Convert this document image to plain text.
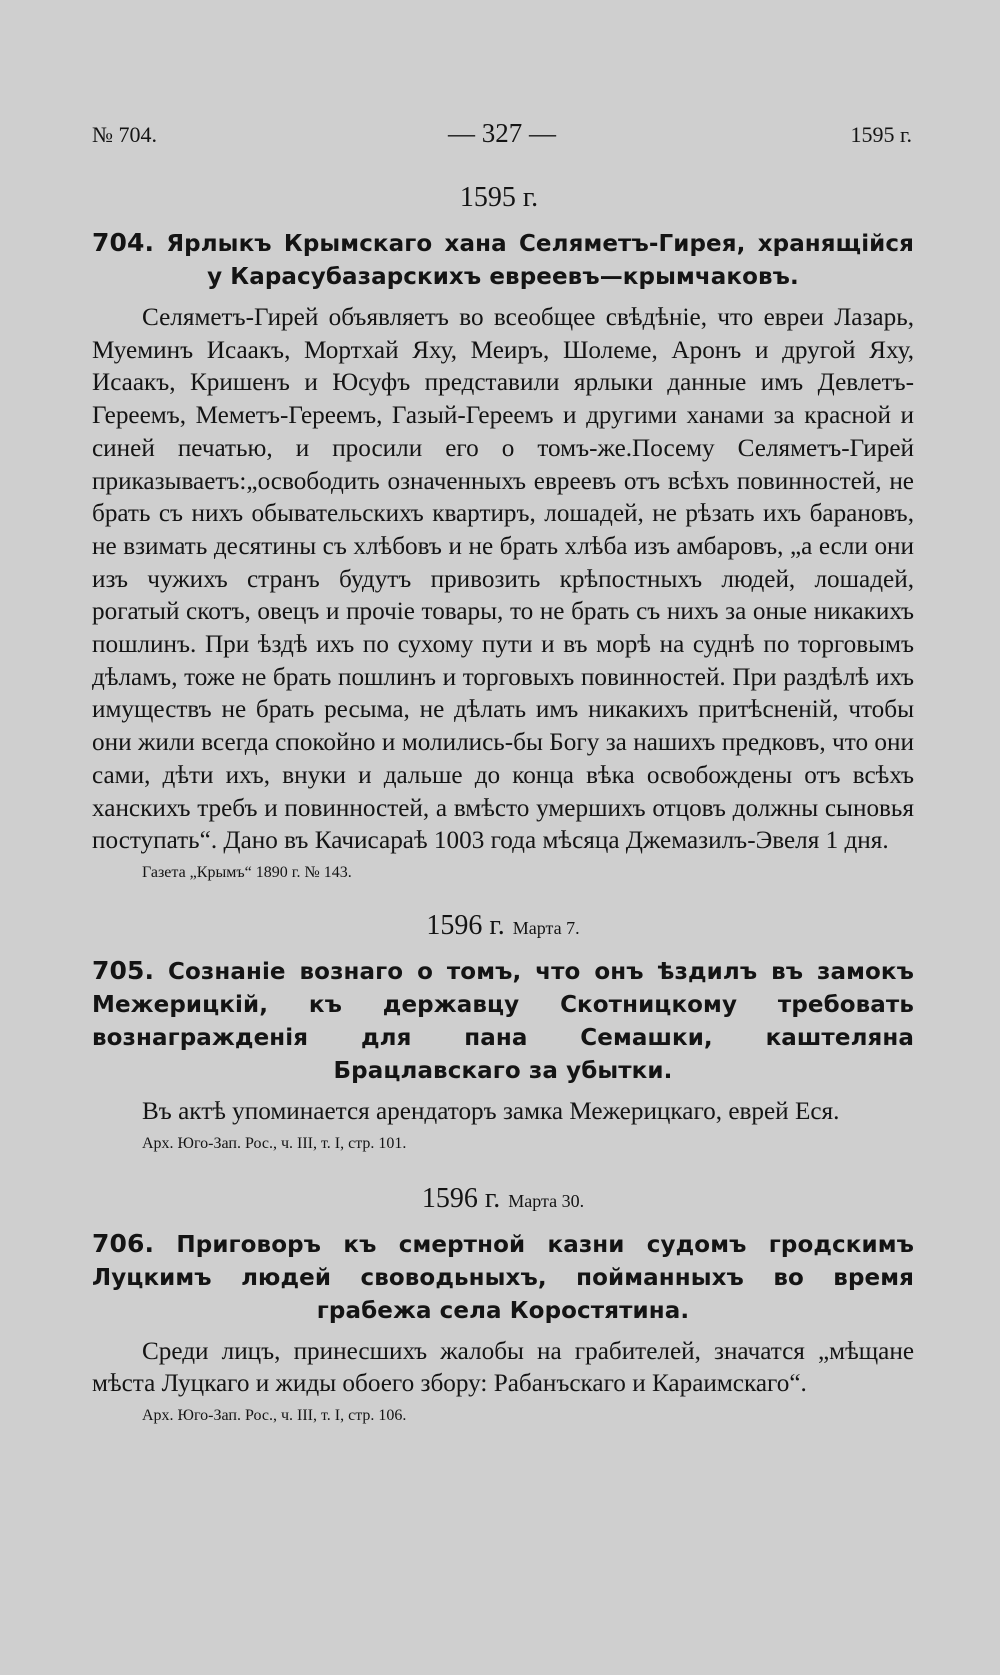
№ 704.	— 327 —	1595 г.
1595 г.
704. Ярлыкъ Крымскаго хана Селяметъ-Гирея, хранящійся у Карасубазарскихъ евреевъ—крымчаковъ.

Селяметъ-Гирей объявляетъ во всеобщее свѣдѣніе, что евреи Лазарь, Муеминъ Исаакъ, Мортхай Яху, Меиръ, Шолеме, Аронъ и другой Яху, Исаакъ, Кришенъ и Юсуфъ представили ярлыки данные имъ Девлетъ-Гереемъ, Меметъ-Гереемъ, Газый-Гереемъ и другими ханами за красной и синей печатью, и просили его о томъ-же.Посему Селяметъ-Гирей приказываетъ:„освободить означенныхъ евреевъ отъ всѣхъ повинностей, не брать съ нихъ обывательскихъ квартиръ, лошадей, не рѣзать ихъ барановъ, не взимать десятины съ хлѣбовъ и не брать хлѣба изъ амбаровъ, „а если они изъ чужихъ странъ будутъ привозить крѣпостныхъ людей, лошадей, рогатый скотъ, овецъ и прочіе товары, то не брать съ нихъ за оные никакихъ пошлинъ. При ѣздѣ ихъ по сухому пути и въ морѣ на суднѣ по торговымъ дѣламъ, тоже не брать пошлинъ и торговыхъ повинностей. При раздѣлѣ ихъ имуществъ не брать ресыма, не дѣлать имъ никакихъ притѣсненій, чтобы они жили всегда спокойно и молились-бы Богу за нашихъ предковъ, что они сами, дѣти ихъ, внуки и дальше до конца вѣка освобождены отъ всѣхъ ханскихъ требъ и повинностей, а вмѣсто умершихъ отцовъ должны сыновья поступать“. Дано въ Качисараѣ 1003 года мѣсяца Джемазилъ-Эвеля 1 дня.

Газета „Крымъ“ 1890 г. № 143.
1596 г. Марта 7.
705. Сознаніе вознаго о томъ, что онъ ѣздилъ въ замокъ Межерицкій, къ державцу Скотницкому требовать вознагражденія для пана Семашки, каштеляна Брацлавскаго за убытки.

Въ актѣ упоминается арендаторъ замка Межерицкаго, еврей Еся.

Арх. Юго-Зап. Рос., ч. III, т. I, стр. 101.
1596 г. Марта 30.
706. Приговоръ къ смертной казни судомъ гродскимъ Луцкимъ людей своводьныхъ, пойманныхъ во время грабежа села Коростятина.

Среди лицъ, принесшихъ жалобы на грабителей, значатся „мѣщане мѣста Луцкаго и жиды обоего збору: Рабанъскаго и Караимскаго“.

Арх. Юго-Зап. Рос., ч. III, т. I, стр. 106.
